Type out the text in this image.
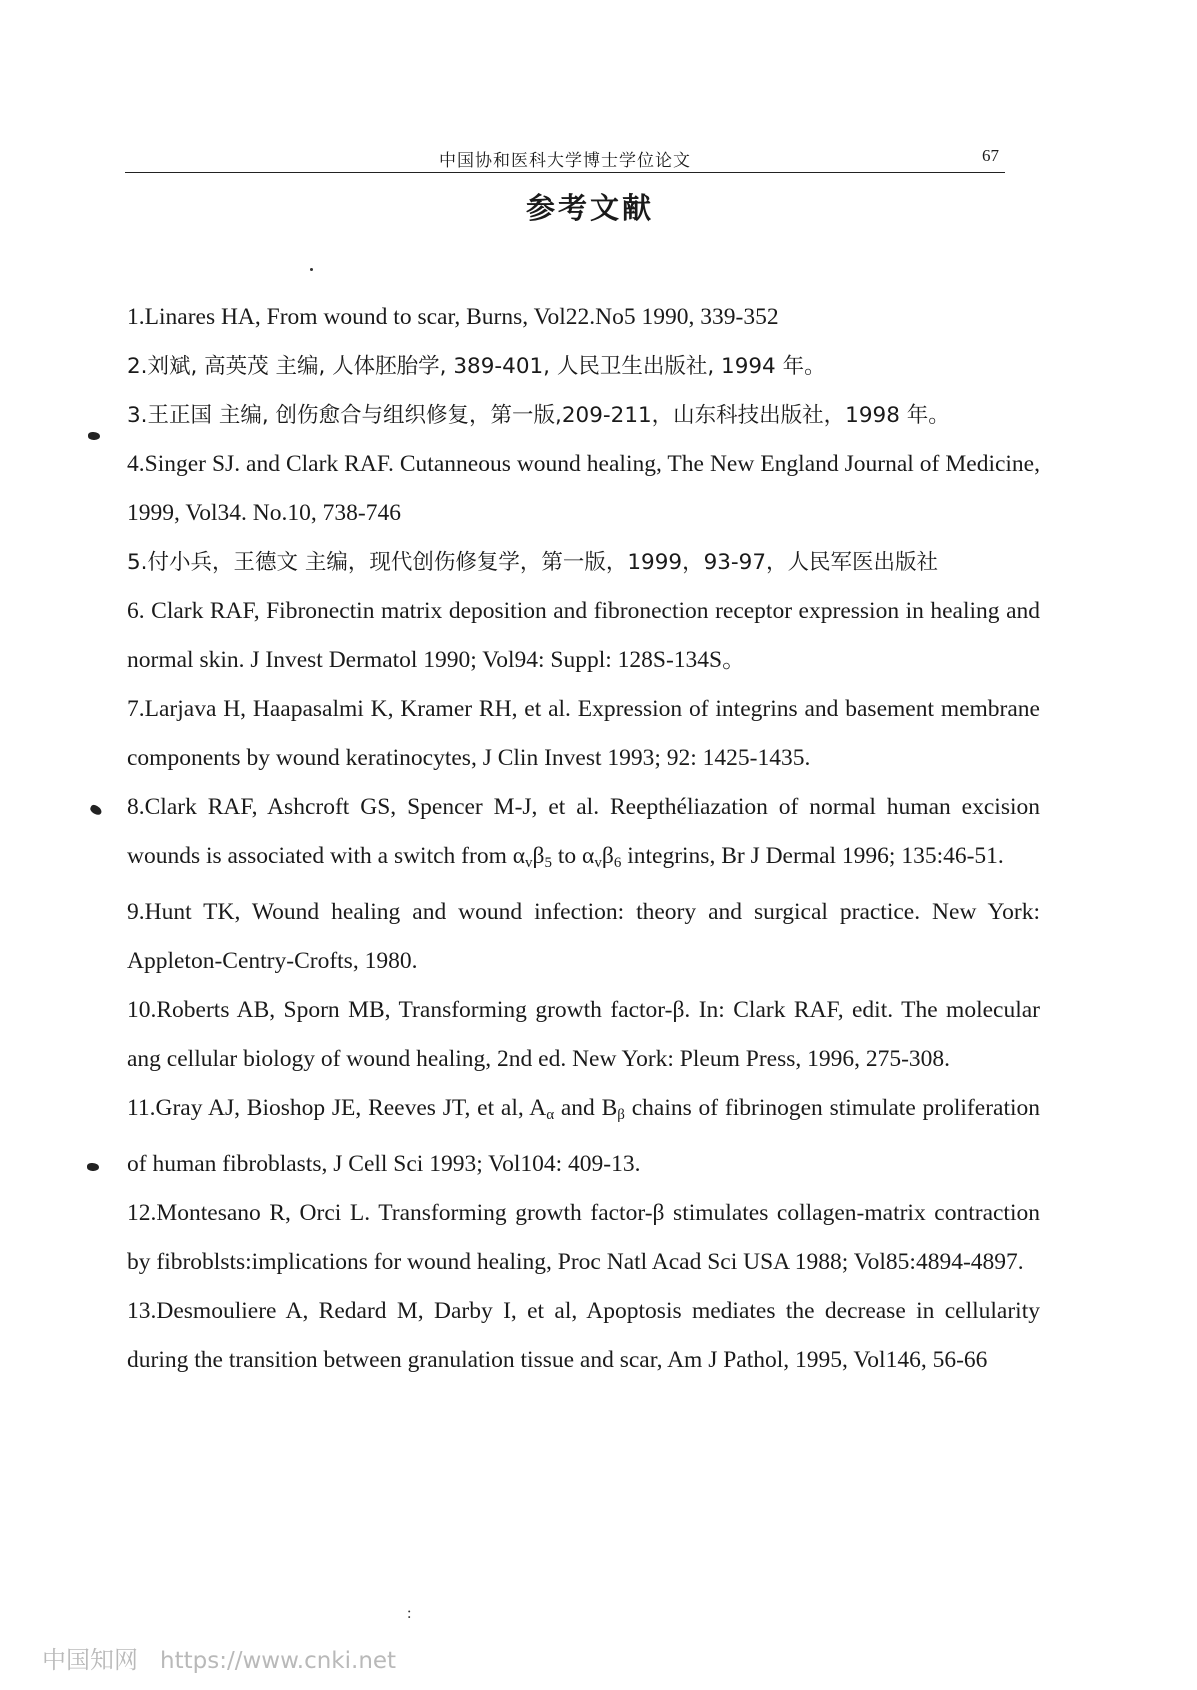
中国协和医科大学博士学位论文	67
参考文献

1.Linares HA, From wound to scar, Burns, Vol22.No5 1990, 339-352

2.刘斌, 高英茂 主编, 人体胚胎学, 389-401, 人民卫生出版社, 1994 年。

3.王正国 主编, 创伤愈合与组织修复，第一版,209-211，山东科技出版社，1998 年。

4.Singer SJ. and Clark RAF. Cutanneous wound healing, The New England Journal of Medicine, 1999, Vol34. No.10, 738-746

5.付小兵，王德文 主编，现代创伤修复学，第一版，1999，93-97，人民军医出版社

6. Clark RAF, Fibronectin matrix deposition and fibronection receptor expression in healing and normal skin. J Invest Dermatol 1990; Vol94: Suppl: 128S-134S。

7.Larjava H, Haapasalmi K, Kramer RH, et al. Expression of integrins and basement membrane components by wound keratinocytes, J Clin Invest 1993; 92: 1425-1435.

8.Clark RAF, Ashcroft GS, Spencer M-J, et al. Reepthéliazation of normal human excision wounds is associated with a switch from $\alpha_v\beta_5$ to $\alpha_v\beta_6$ integrins, Br J Dermal 1996; 135:46-51.

9.Hunt TK, Wound healing and wound infection: theory and surgical practice. New York: Appleton-Centry-Crofts, 1980.

10.Roberts AB, Sporn MB, Transforming growth factor-β. In: Clark RAF, edit. The molecular ang cellular biology of wound healing, 2nd ed. New York: Pleum Press, 1996, 275-308.

11.Gray AJ, Bioshop JE, Reeves JT, et al, $A_\alpha$ and $B_\beta$ chains of fibrinogen stimulate proliferation of human fibroblasts, J Cell Sci 1993; Vol104: 409-13.

12.Montesano R, Orci L. Transforming growth factor-β stimulates collagen-matrix contraction by fibroblsts:implications for wound healing, Proc Natl Acad Sci USA 1988; Vol85:4894-4897.

13.Desmouliere A, Redard M, Darby I, et al, Apoptosis mediates the decrease in cellularity during the transition between granulation tissue and scar, Am J Pathol, 1995, Vol146, 56-66

:
中国知网 https://www.cnki.net
